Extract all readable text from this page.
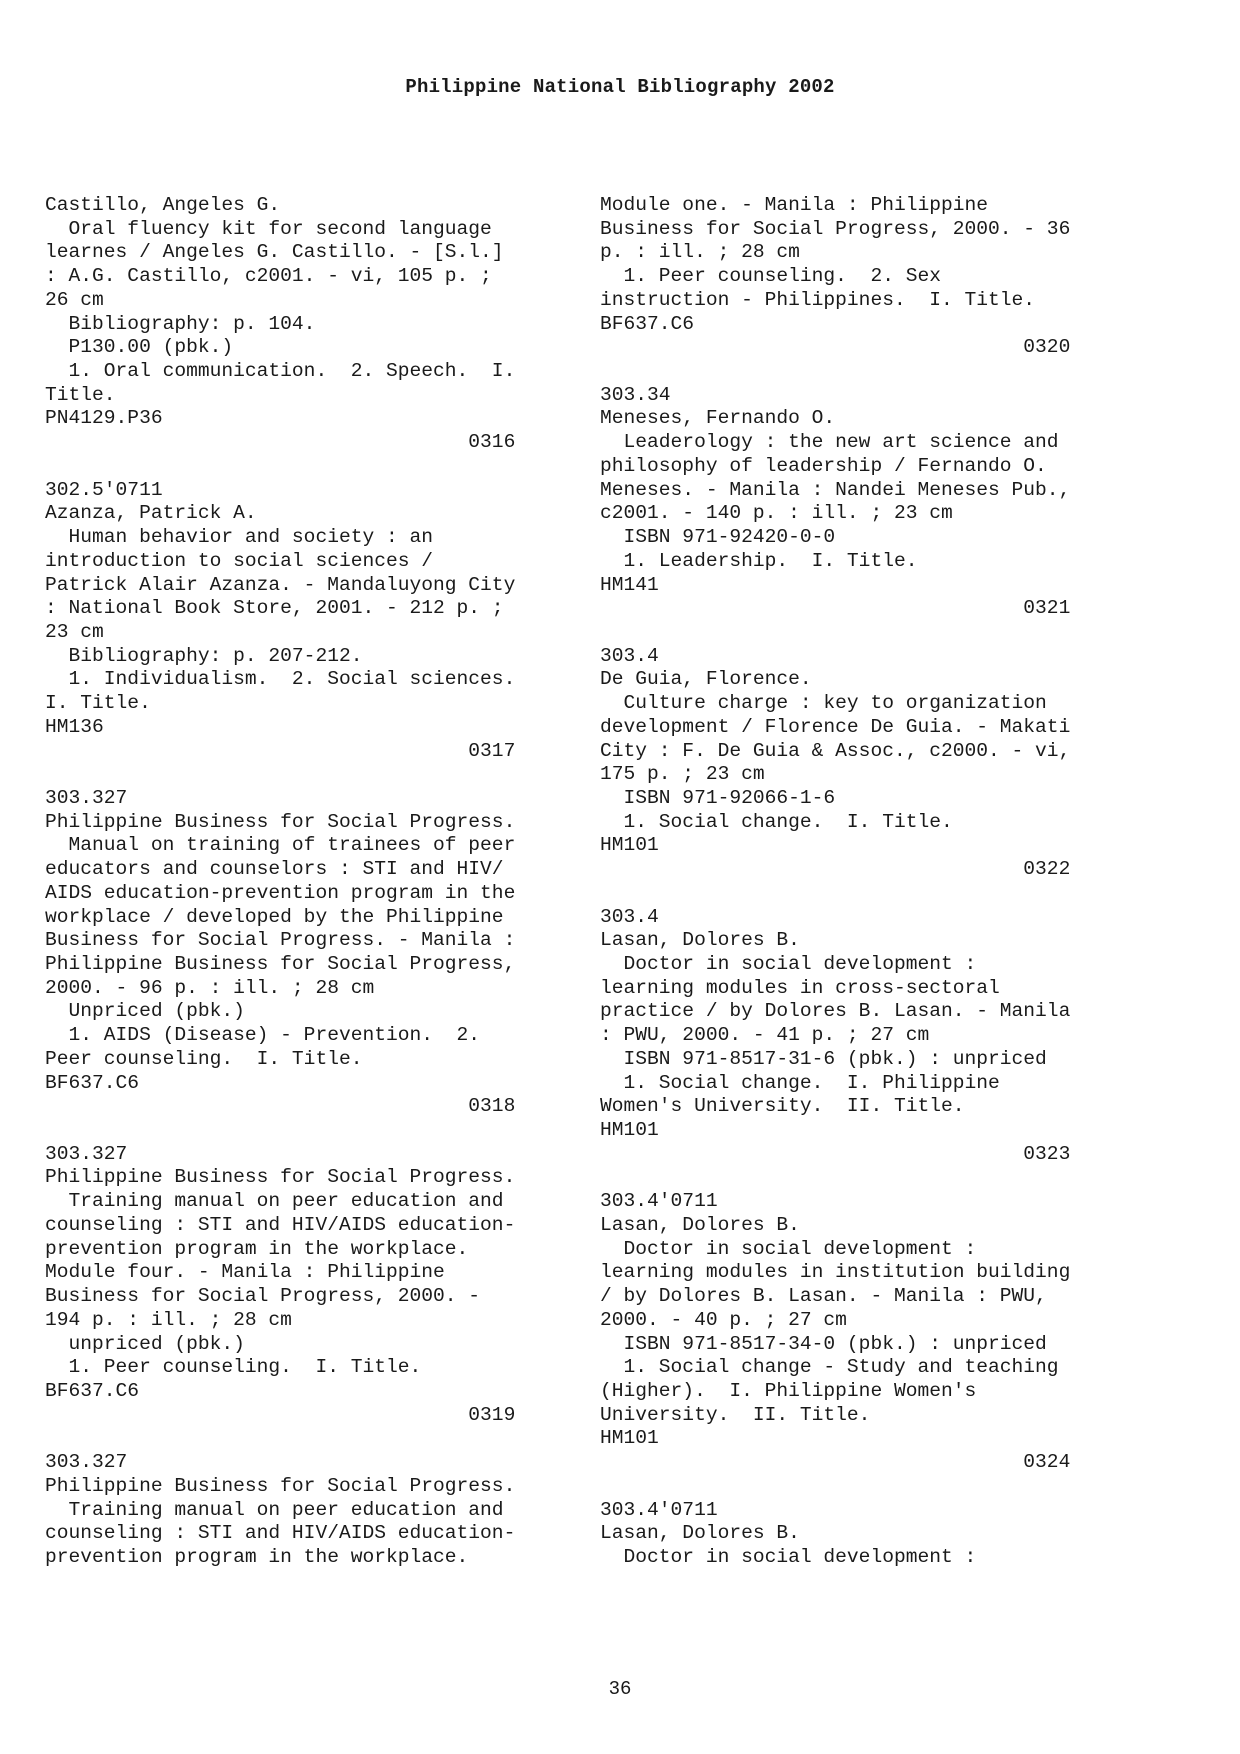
Philippine National Bibliography 2002
Castillo, Angeles G.
Oral fluency kit for second language
learnes / Angeles G. Castillo. - [S.l.]
: A.G. Castillo, c2001. - vi, 105 p. ;
26 cm
Bibliography: p. 104.
P130.00 (pbk.)
1. Oral communication.  2. Speech.  I.
Title.
PN4129.P36
0316
302.5'0711
Azanza, Patrick A.
Human behavior and society : an
introduction to social sciences /
Patrick Alair Azanza. - Mandaluyong City
: National Book Store, 2001. - 212 p. ;
23 cm
Bibliography: p. 207-212.
1. Individualism.  2. Social sciences.
I. Title.
HM136
0317
303.327
Philippine Business for Social Progress.
Manual on training of trainees of peer
educators and counselors : STI and HIV/
AIDS education-prevention program in the
workplace / developed by the Philippine
Business for Social Progress. - Manila :
Philippine Business for Social Progress,
2000. - 96 p. : ill. ; 28 cm
Unpriced (pbk.)
1. AIDS (Disease) - Prevention.  2.
Peer counseling.  I. Title.
BF637.C6
0318
303.327
Philippine Business for Social Progress.
Training manual on peer education and
counseling : STI and HIV/AIDS education-
prevention program in the workplace.
Module four. - Manila : Philippine
Business for Social Progress, 2000. -
194 p. : ill. ; 28 cm
unpriced (pbk.)
1. Peer counseling.  I. Title.
BF637.C6
0319
303.327
Philippine Business for Social Progress.
Training manual on peer education and
counseling : STI and HIV/AIDS education-
prevention program in the workplace.
Module one. - Manila : Philippine
Business for Social Progress, 2000. - 36
p. : ill. ; 28 cm
1. Peer counseling.  2. Sex
instruction - Philippines.  I. Title.
BF637.C6
0320
303.34
Meneses, Fernando O.
Leaderology : the new art science and
philosophy of leadership / Fernando O.
Meneses. - Manila : Nandei Meneses Pub.,
c2001. - 140 p. : ill. ; 23 cm
ISBN 971-92420-0-0
1. Leadership.  I. Title.
HM141
0321
303.4
De Guia, Florence.
Culture charge : key to organization
development / Florence De Guia. - Makati
City : F. De Guia & Assoc., c2000. - vi,
175 p. ; 23 cm
ISBN 971-92066-1-6
1. Social change.  I. Title.
HM101
0322
303.4
Lasan, Dolores B.
Doctor in social development :
learning modules in cross-sectoral
practice / by Dolores B. Lasan. - Manila
: PWU, 2000. - 41 p. ; 27 cm
ISBN 971-8517-31-6 (pbk.) : unpriced
1. Social change.  I. Philippine
Women's University.  II. Title.
HM101
0323
303.4'0711
Lasan, Dolores B.
Doctor in social development :
learning modules in institution building
/ by Dolores B. Lasan. - Manila : PWU,
2000. - 40 p. ; 27 cm
ISBN 971-8517-34-0 (pbk.) : unpriced
1. Social change - Study and teaching
(Higher).  I. Philippine Women's
University.  II. Title.
HM101
0324
303.4'0711
Lasan, Dolores B.
Doctor in social development :
36
